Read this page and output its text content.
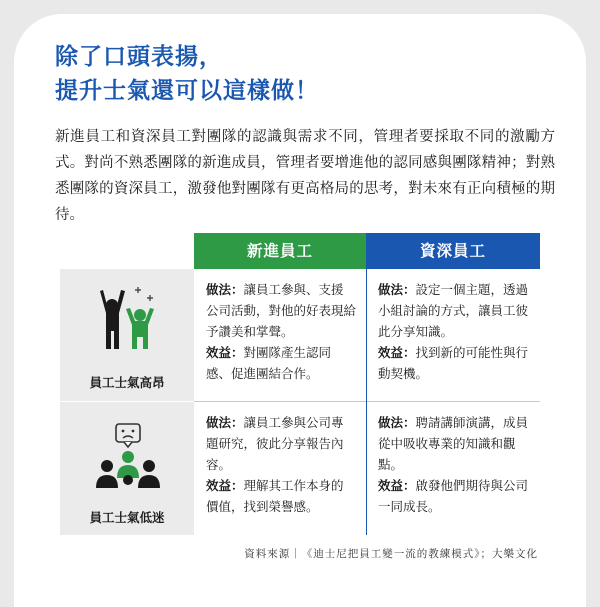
除了口頭表揚，
提升士氣還可以這樣做！
新進員工和資深員工對團隊的認識與需求不同，管理者要採取不同的激勵方式。對尚不熟悉團隊的新進成員，管理者要增進他的認同感與團隊精神；對熟悉團隊的資深員工，激發他對團隊有更高格局的思考，對未來有正向積極的期待。
新進員工	資深員工
員工士氣高昂
做法：讓員工參與、支援公司活動，對他的好表現給予讚美和掌聲。
效益：對團隊產生認同感、促進團結合作。
做法：設定一個主題，透過小組討論的方式，讓員工彼此分享知識。
效益：找到新的可能性與行動契機。
員工士氣低迷
做法：讓員工參與公司專題研究，彼此分享報告內容。
效益：理解其工作本身的價值，找到榮譽感。
做法：聘請講師演講，成員從中吸收專業的知識和觀點。
效益：啟發他們期待與公司一同成長。
資料來源｜《迪士尼把員工變一流的教練模式》；大樂文化
